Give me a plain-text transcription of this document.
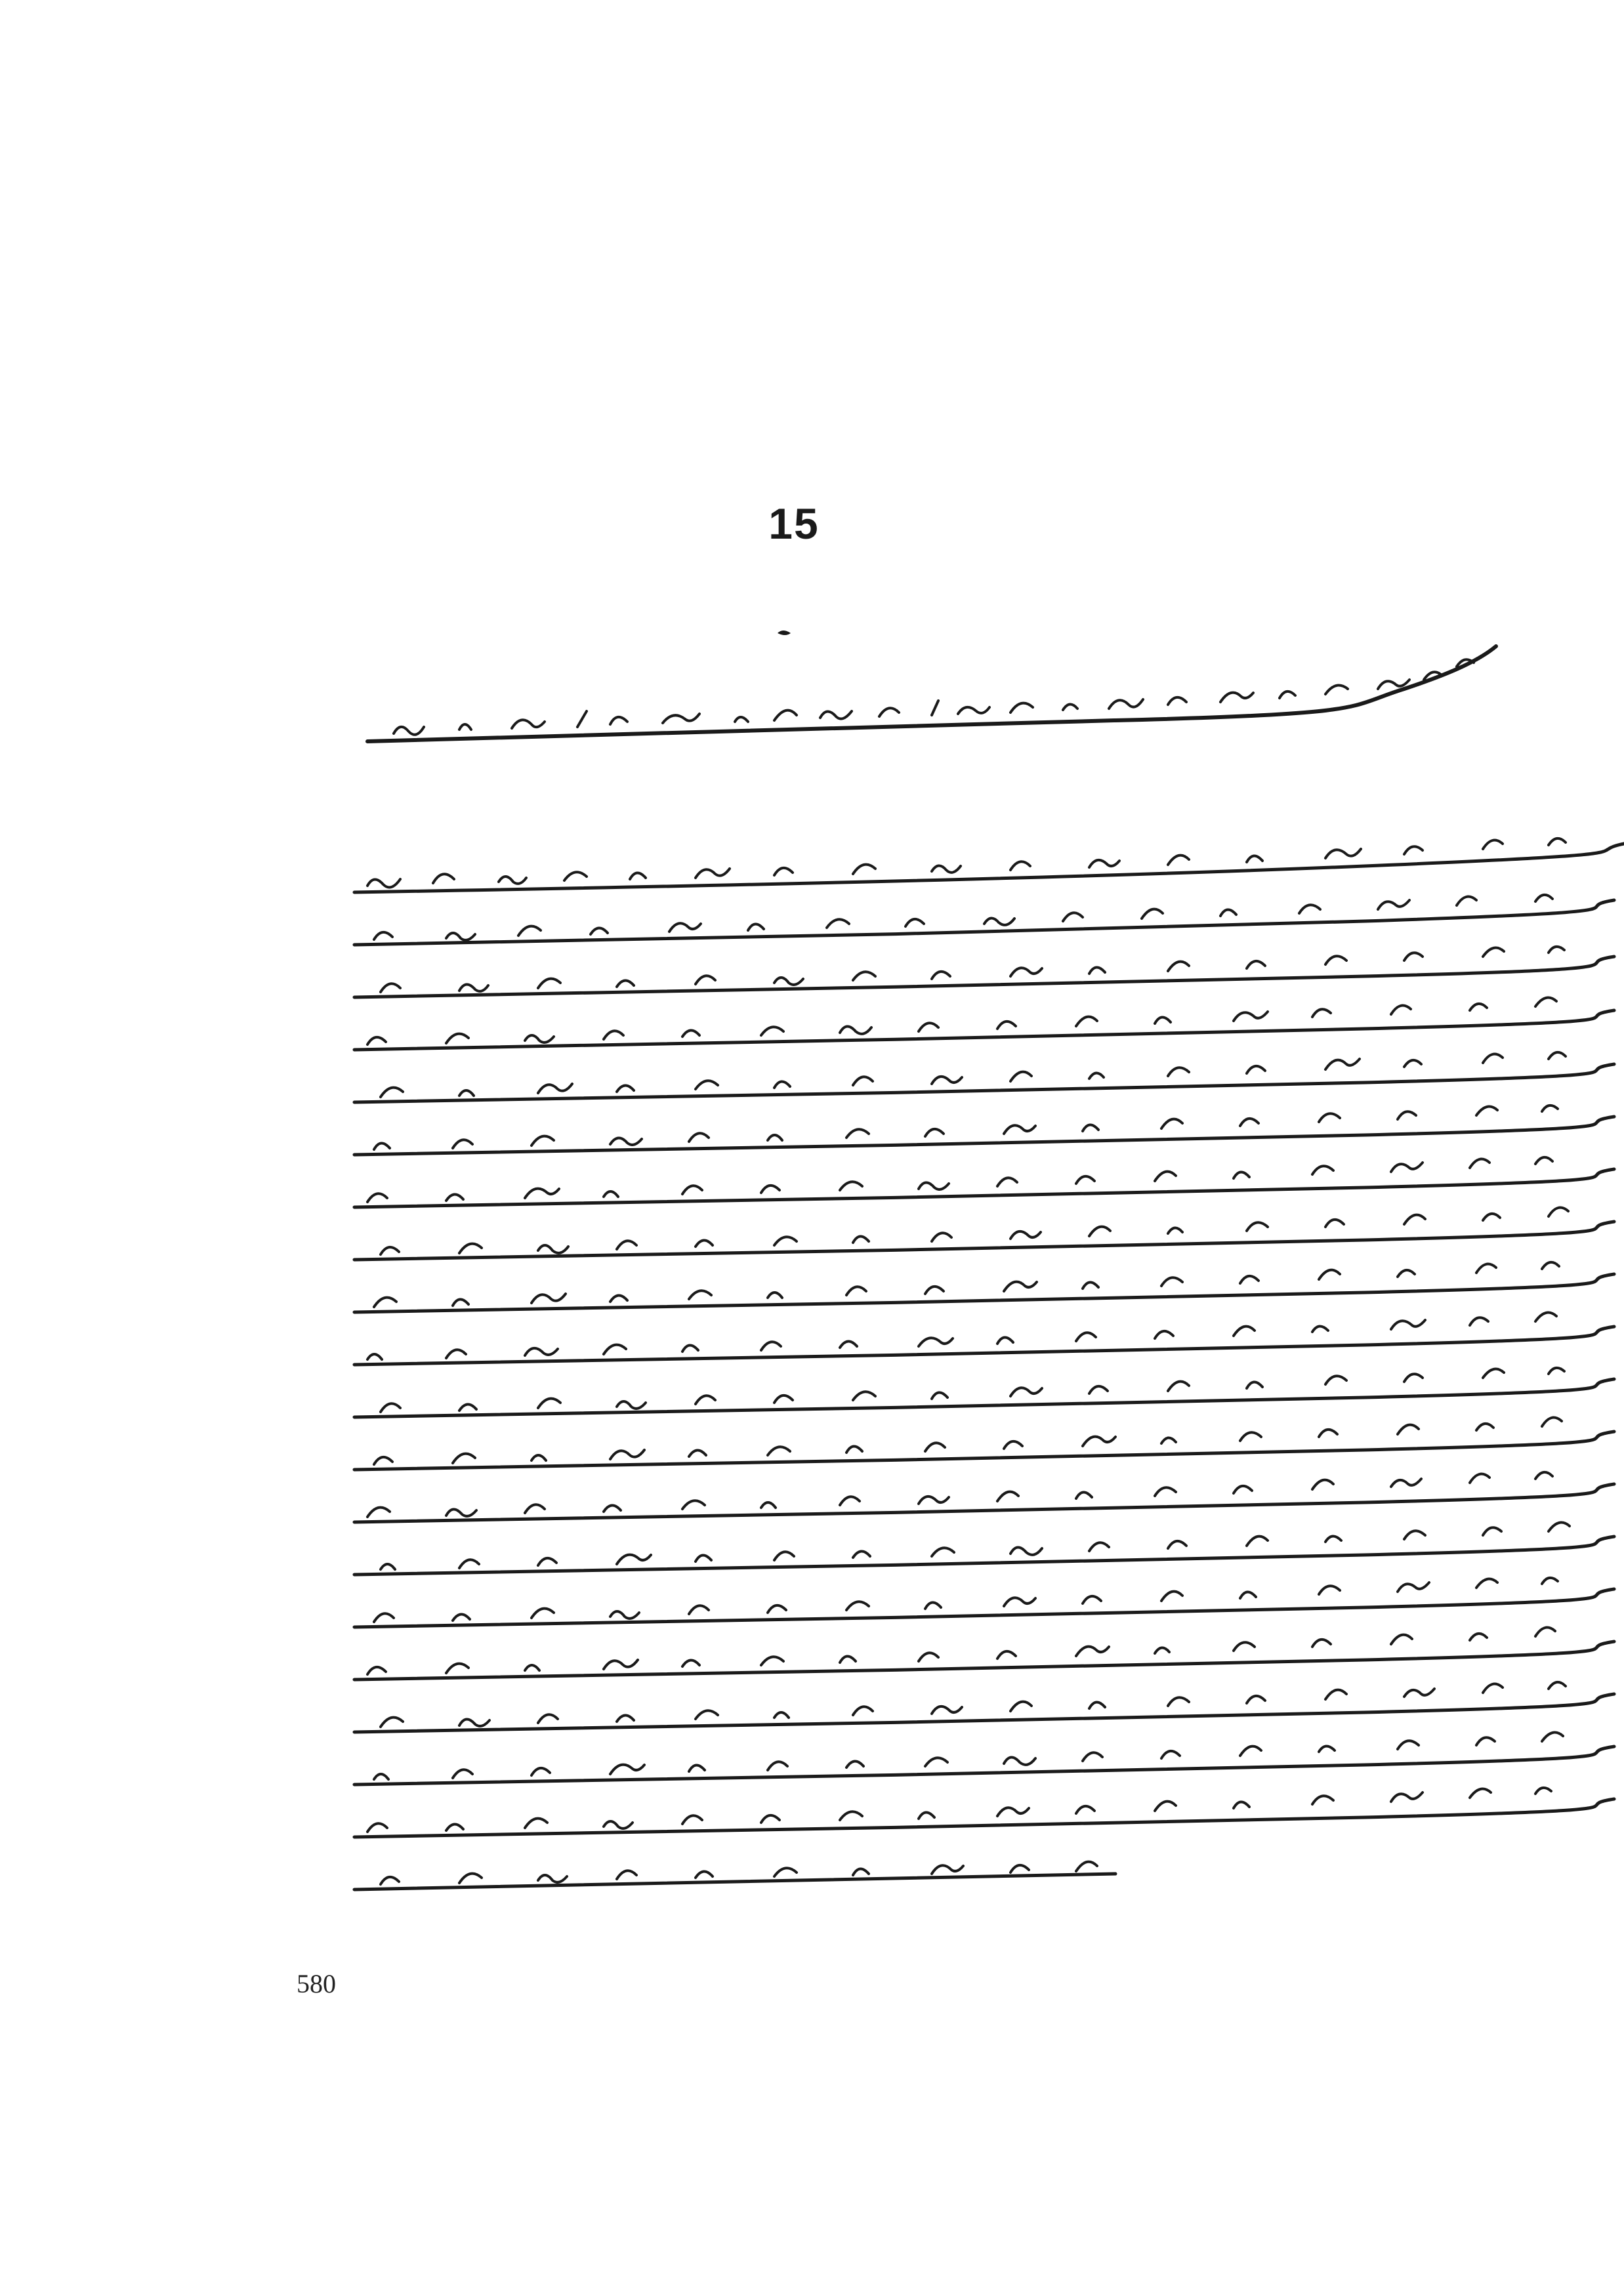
15
580
